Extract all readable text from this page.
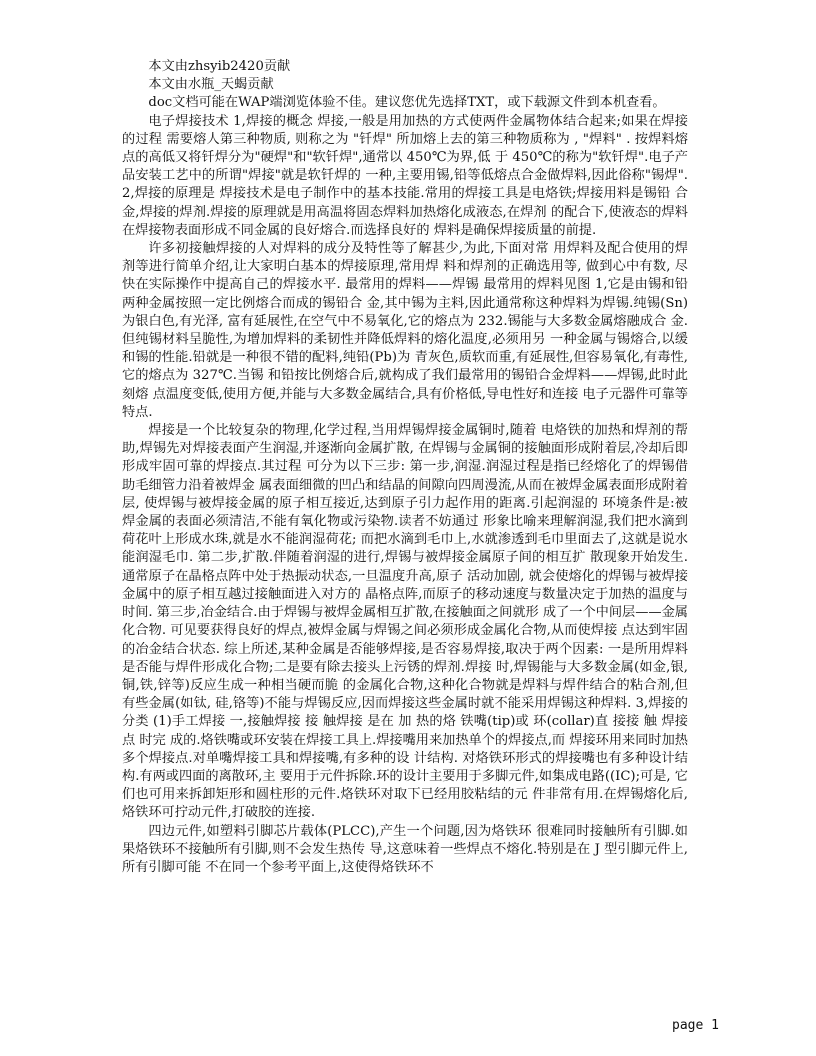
本文由zhsyib2420贡献

本文由水瓶_天蝎贡献

doc文档可能在WAP端浏览体验不佳。建议您优先选择TXT，或下载源文件到本机查看。

电子焊接技术 1,焊接的概念 焊接,一般是用加热的方式使两件金属物体结合起来;如果在焊接的过程 需要熔人第三种物质, 则称之为 "钎焊" 所加熔上去的第三种物质称为 , "焊料" . 按焊料熔点的高低又将钎焊分为"硬焊"和"软钎焊",通常以 450℃为界,低 于 450℃的称为"软钎焊".电子产品安装工艺中的所谓"焊接"就是软钎焊的 一种,主要用锡,铅等低熔点合金做焊料,因此俗称"锡焊". 2,焊接的原理是 焊接技术是电子制作中的基本技能.常用的焊接工具是电烙铁;焊接用料是锡铅 合金,焊接的焊剂.焊接的原理就是用高温将固态焊料加热熔化成液态,在焊剂 的配合下,使液态的焊料在焊接物表面形成不同金属的良好熔合.而选择良好的 焊料是确保焊接质量的前提.

许多初接触焊接的人对焊料的成分及特性等了解甚少,为此,下面对常 用焊料及配合使用的焊剂等进行简单介绍,让大家明白基本的焊接原理,常用焊 料和焊剂的正确选用等, 做到心中有数, 尽快在实际操作中提高自己的焊接水平. 最常用的焊料——焊锡 最常用的焊料见图 1,它是由锡和铅两种金属按照一定比例熔合而成的锡铅合 金,其中锡为主料,因此通常称这种焊料为焊锡.纯锡(Sn)为银白色,有光泽, 富有延展性,在空气中不易氧化,它的熔点为 232.锡能与大多数金属熔融成合 金.但纯锡材料呈脆性,为增加焊料的柔韧性并降低焊料的熔化温度,必须用另 一种金属与锡熔合,以缓和锡的性能.铅就是一种很不错的配料,纯铅(Pb)为 青灰色,质软而重,有延展性,但容易氧化,有毒性,它的熔点为 327℃.当锡 和铅按比例熔合后,就构成了我们最常用的锡铅合金焊料——焊锡,此时此刻熔 点温度变低,使用方便,并能与大多数金属结合,具有价格低,导电性好和连接 电子元器件可靠等特点.

焊接是一个比较复杂的物理,化学过程,当用焊锡焊接金属铜时,随着 电烙铁的加热和焊剂的帮助,焊锡先对焊接表面产生润湿,并逐渐向金属扩散, 在焊锡与金属铜的接触面形成附着层,冷却后即形成牢固可靠的焊接点.其过程 可分为以下三步: 第一步,润湿.润湿过程是指已经熔化了的焊锡借助毛细管力沿着被焊金 属表面细微的凹凸和结晶的间隙向四周漫流,从而在被焊金属表面形成附着层, 使焊锡与被焊接金属的原子相互接近,达到原子引力起作用的距离.引起润湿的 环境条件是:被焊金属的表面必须清洁,不能有氧化物或污染物.读者不妨通过 形象比喻来理解润湿,我们把水滴到荷花叶上形成水珠,就是水不能润湿荷花; 而把水滴到毛巾上,水就渗透到毛巾里面去了,这就是说水能润湿毛巾. 第二步,扩散.伴随着润湿的进行,焊锡与被焊接金属原子间的相互扩 散现象开始发生.通常原子在晶格点阵中处于热振动状态,一旦温度升高,原子 活动加剧, 就会使熔化的焊锡与被焊接金属中的原子相互越过接触面进入对方的 晶格点阵,而原子的移动速度与数量决定于加热的温度与时间. 第三步,冶金结合.由于焊锡与被焊金属相互扩散,在接触面之间就形 成了一个中间层——金属化合物. 可见要获得良好的焊点,被焊金属与焊锡之间必须形成金属化合物,从而使焊接 点达到牢固的冶金结合状态. 综上所述,某种金属是否能够焊接,是否容易焊接,取决于两个因素: 一是所用焊料是否能与焊件形成化合物;二是要有除去接头上污锈的焊剂.焊接 时,焊锡能与大多数金属(如金,银,铜,铁,锌等)反应生成一种相当硬而脆 的金属化合物,这种化合物就是焊料与焊件结合的粘合剂,但有些金属(如钛, 硅,铬等)不能与焊锡反应,因而焊接这些金属时就不能采用焊锡这种焊料. 3,焊接的分类 (1)手工焊接 一,接触焊接 接 触焊接 是在 加 热的烙 铁嘴(tip)或 环(collar)直 接接 触 焊接点 时完 成的.烙铁嘴或环安装在焊接工具上.焊接嘴用来加热单个的焊接点,而 焊接环用来同时加热多个焊接点.对单嘴焊接工具和焊接嘴,有多种的设 计结构. 对烙铁环形式的焊接嘴也有多种设计结构.有两或四面的离散环,主 要用于元件拆除.环的设计主要用于多脚元件,如集成电路((IC);可是, 它们也可用来拆卸矩形和圆柱形的元件.烙铁环对取下已经用胶粘结的元 件非常有用.在焊锡熔化后,烙铁环可拧动元件,打破胶的连接.

四边元件,如塑料引脚芯片载体(PLCC),产生一个问题,因为烙铁环 很难同时接触所有引脚.如果烙铁环不接触所有引脚,则不会发生热传 导,这意味着一些焊点不熔化.特别是在 J 型引脚元件上,所有引脚可能 不在同一个参考平面上,这使得烙铁环不

page 1
